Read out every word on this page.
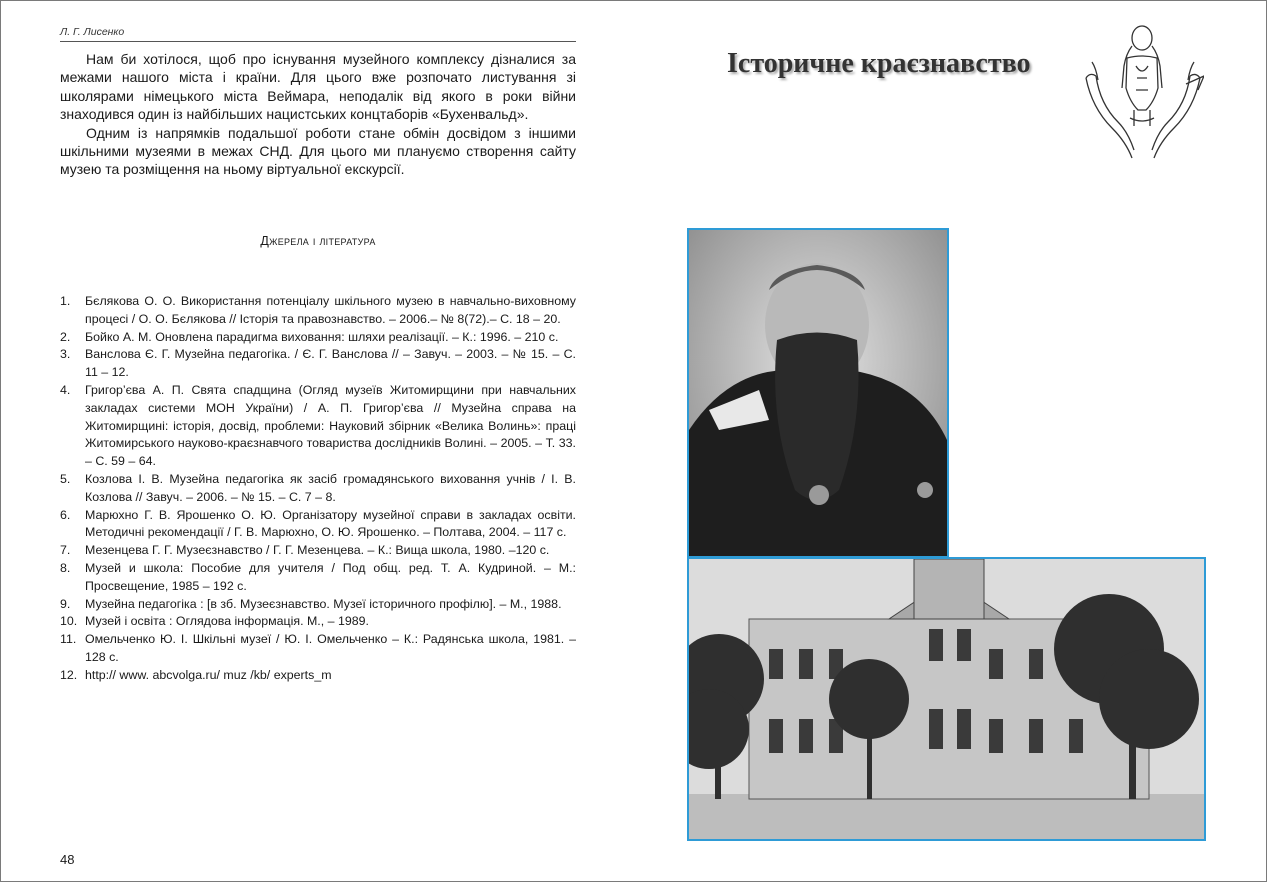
Л. Г. Лисенко

Нам би хотілося, щоб про існування музейного комплексу дізналися за межами нашого міста і країни. Для цього вже розпочато листування зі школярами німецького міста Веймара, неподалік від якого в роки війни знаходився один із найбільших нацистських концтаборів «Бухенвальд».

Одним із напрямків подальшої роботи стане обмін досвідом з іншими шкільними музеями в межах СНД. Для цього ми плануємо створення сайту музею та розміщення на ньому віртуальної екскурсії.

Джерела і література
1. Бєлякова О. О. Використання потенціалу шкільного музею в навчально-виховному процесі / О. О. Бєлякова // Історія та правознавство. – 2006.– № 8(72).– С. 18 – 20.
2. Бойко А. М. Оновлена парадигма виховання: шляхи реалізації. – К.: 1996. – 210 с.
3. Ванслова Є. Г. Музейна педагогіка. / Є. Г. Ванслова // – Завуч. – 2003. – № 15. – С. 11 – 12.
4. Григор’єва А. П. Свята спадщина (Огляд музеїв Житомирщини при навчальних закладах системи МОН України) / А. П. Григор’єва // Музейна справа на Житомирщині: історія, досвід, проблеми: Науковий збірник «Велика Волинь»: праці Житомирського науково-краєзнавчого товариства дослідників Волині. – 2005. – Т. 33. – С. 59 – 64.
5. Козлова І. В. Музейна педагогіка як засіб громадянського виховання учнів / І. В. Козлова // Завуч. – 2006. – № 15. – С. 7 – 8.
6. Марюхно Г. В. Ярошенко О. Ю. Організатору музейної справи в закладах освіти. Методичні рекомендації / Г. В. Марюхно, О. Ю. Ярошенко. – Полтава, 2004. – 117 с.
7. Мезенцева Г. Г. Музеєзнавство / Г. Г. Мезенцева. – К.: Вища школа, 1980. –120 с.
8. Музей и школа: Пособие для учителя / Под общ. ред. Т. А. Кудриной. – М.: Просвещение, 1985 – 192 с.
9. Музейна педагогіка : [в зб. Музеєзнавство. Музеї історичного профілю]. – М., 1988.
10. Музей і освіта : Оглядова інформація. М., – 1989.
11. Омельченко Ю. І. Шкільні музеї / Ю. І. Омельченко – К.: Радянська школа, 1981. – 128 с.
12. http:// www. abcvolga.ru/ muz /kb/ experts_m
48
Історичне краєзнавство
